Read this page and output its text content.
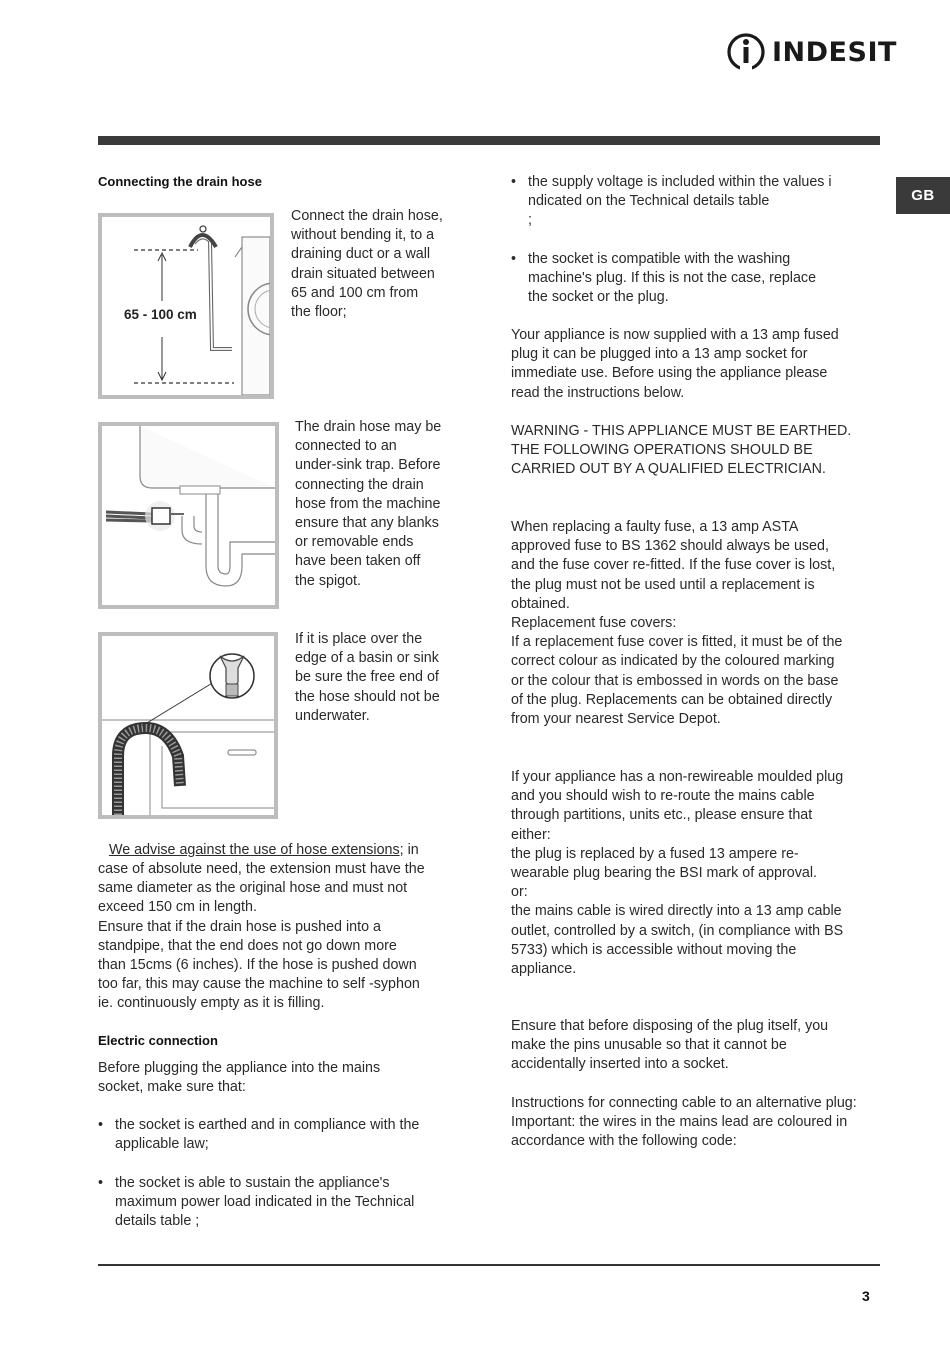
INDESIT
GB
Connecting the drain hose
65 - 100 cm
Connect the drain hose,
without bending it, to a
draining duct or a wall
drain situated between
65 and 100 cm from
the floor;
The drain hose may be
connected to an
under-sink trap. Before
connecting the drain
hose from the machine
ensure that any blanks
or removable ends
have been taken off
the spigot.
If it is place over the
edge of a basin or sink
be sure the free end of
the hose should not be
underwater.
We advise against the use of hose extensions; in
case of absolute need, the extension must have the
same diameter as the original hose and must not
exceed 150 cm in length.
Ensure that if the drain hose is pushed into a
standpipe, that the end does not go down more
than 15cms (6 inches). If the hose is pushed down
too far, this may cause the machine to self -syphon
ie. continuously empty as it is filling.
Electric connection
Before plugging the appliance into the mains
socket, make sure that:
• the socket is earthed and in compliance with the
applicable law;
• the socket is able to sustain the appliance's
maximum power load indicated in the Technical
details table ;
• the supply voltage is included within the values i
ndicated on the Technical details table
;
• the socket is compatible with the washing
machine's plug. If this is not the case, replace
the socket or the plug.
Your appliance is now supplied with a 13 amp fused
plug it can be plugged into a 13 amp socket for
immediate use. Before using the appliance please
read the instructions below.
WARNING - THIS APPLIANCE MUST BE EARTHED.
THE FOLLOWING OPERATIONS SHOULD BE
CARRIED OUT BY A QUALIFIED ELECTRICIAN.
When replacing a faulty fuse, a 13 amp ASTA
approved fuse to BS 1362 should always be used,
and the fuse cover re-fitted. If the fuse cover is lost,
the plug must not be used until a replacement is
obtained.
Replacement fuse covers:
If a replacement fuse cover is fitted, it must be of the
correct colour as indicated by the coloured marking
or the colour that is embossed in words on the base
of the plug. Replacements can be obtained directly
from your nearest Service Depot.
If your appliance has a non-rewireable moulded plug
and you should wish to re-route the mains cable
through partitions, units etc., please ensure that
either:
the plug is replaced by a fused 13 ampere re-
wearable plug bearing the BSI mark of approval.
or:
the mains cable is wired directly into a 13 amp cable
outlet, controlled by a switch, (in compliance with BS
5733) which is accessible without moving the
appliance.
Ensure that before disposing of the plug itself, you
make the pins unusable so that it cannot be
accidentally inserted into a socket.
Instructions for connecting cable to an alternative plug:
Important: the wires in the mains lead are coloured in
accordance with the following code:
3
